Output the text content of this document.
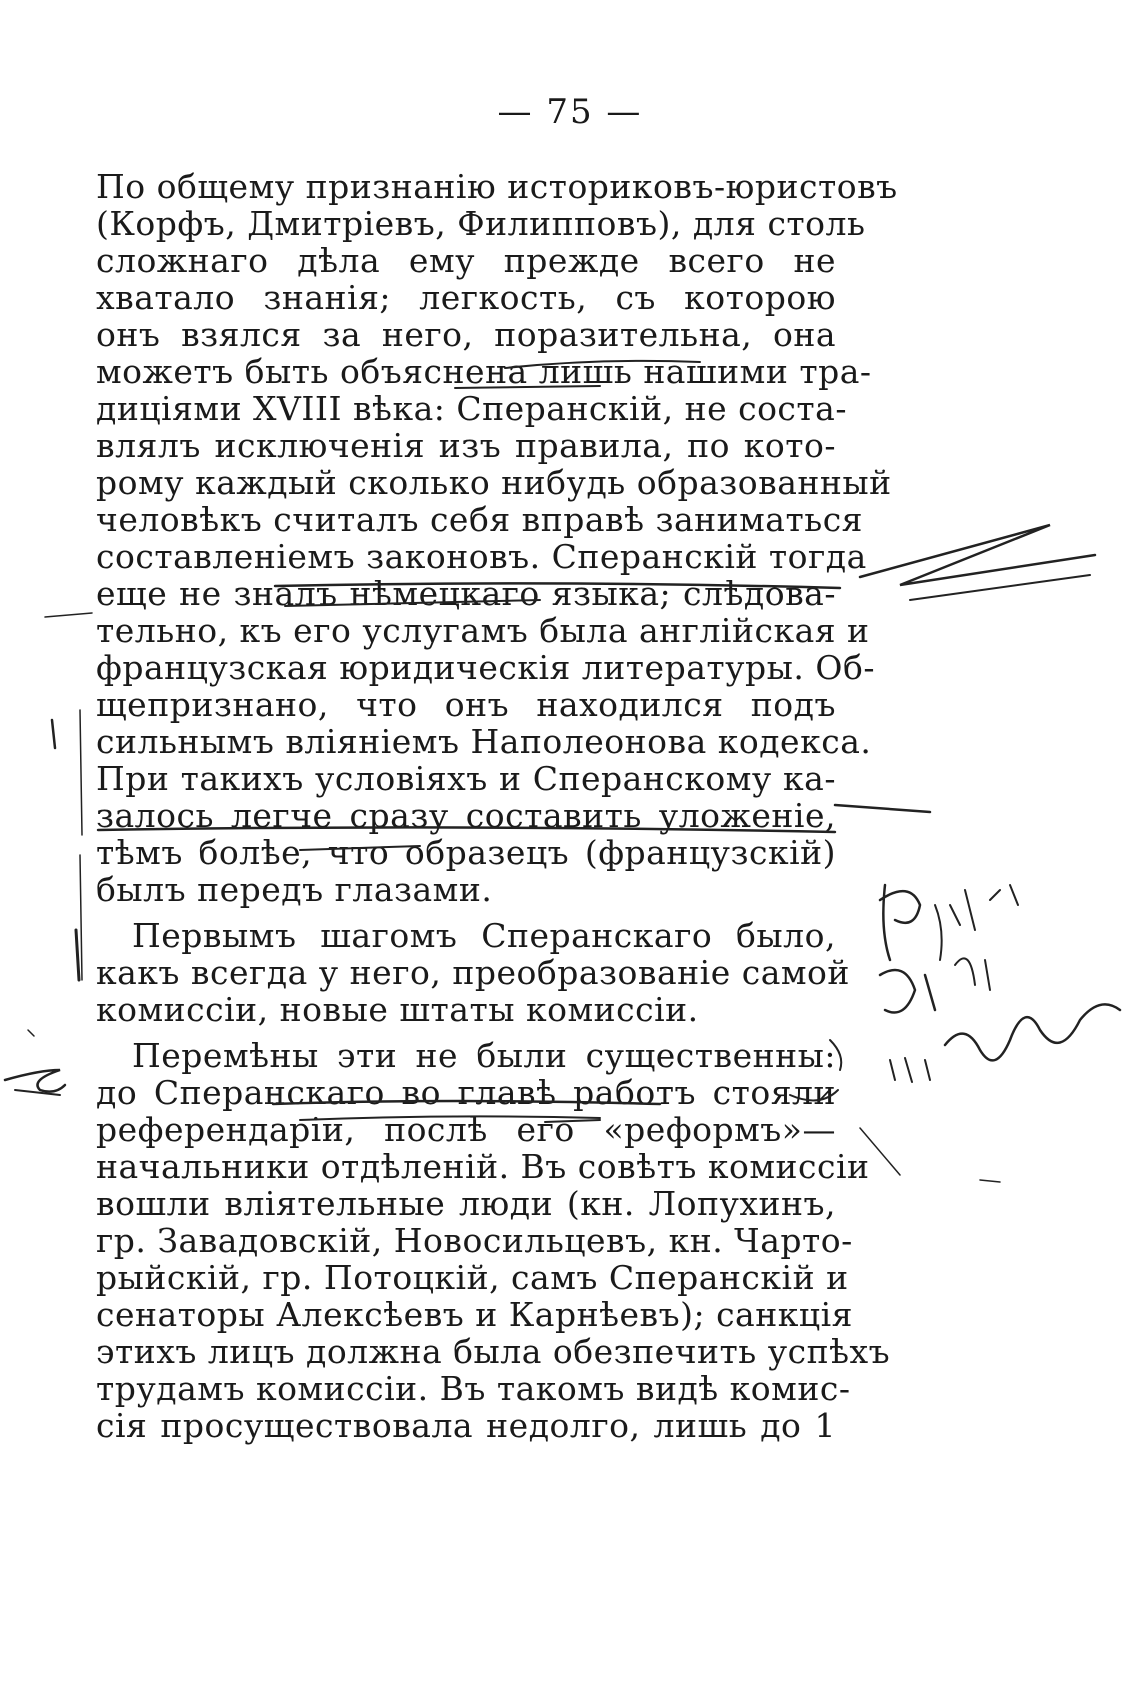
— 75 —
По общему признанію историковъ-юристовъ
(Корфъ, Дмитріевъ, Филипповъ), для столь
сложнаго дѣла ему прежде всего не
хватало знанія; легкость, съ которою
онъ взялся за него, поразительна, она
можетъ быть объяснена лишь нашими тра-
диціями XVIII вѣка: Сперанскій, не соста-
влялъ исключенія изъ правила, по кото-
рому каждый сколько нибудь образованный
человѣкъ считалъ себя вправѣ заниматься
составленіемъ законовъ. Сперанскій тогда
еще не зналъ нѣмецкаго языка; слѣдова-
тельно, къ его услугамъ была англійская и
французская юридическія литературы. Об-
щепризнано, что онъ находился подъ
сильнымъ вліяніемъ Наполеонова кодекса.
При такихъ условіяхъ и Сперанскому ка-
залось легче сразу составить уложеніе,
тѣмъ болѣе, что образецъ (французскій)
былъ передъ глазами.
Первымъ шагомъ Сперанскаго было,
какъ всегда у него, преобразованіе самой
комиссіи, новые штаты комиссіи.
Перемѣны эти не были существенны:
до Сперанскаго во главѣ работъ стояли
референдаріи, послѣ его «реформъ»—
начальники отдѣленій. Въ совѣтъ комиссіи
вошли вліятельные люди (кн. Лопухинъ,
гр. Завадовскій, Новосильцевъ, кн. Чарто-
рыйскій, гр. Потоцкій, самъ Сперанскій и
сенаторы Алексѣевъ и Карнѣевъ); санкція
этихъ лицъ должна была обезпечить успѣхъ
трудамъ комиссіи. Въ такомъ видѣ комис-
сія просуществовала недолго, лишь до 1
